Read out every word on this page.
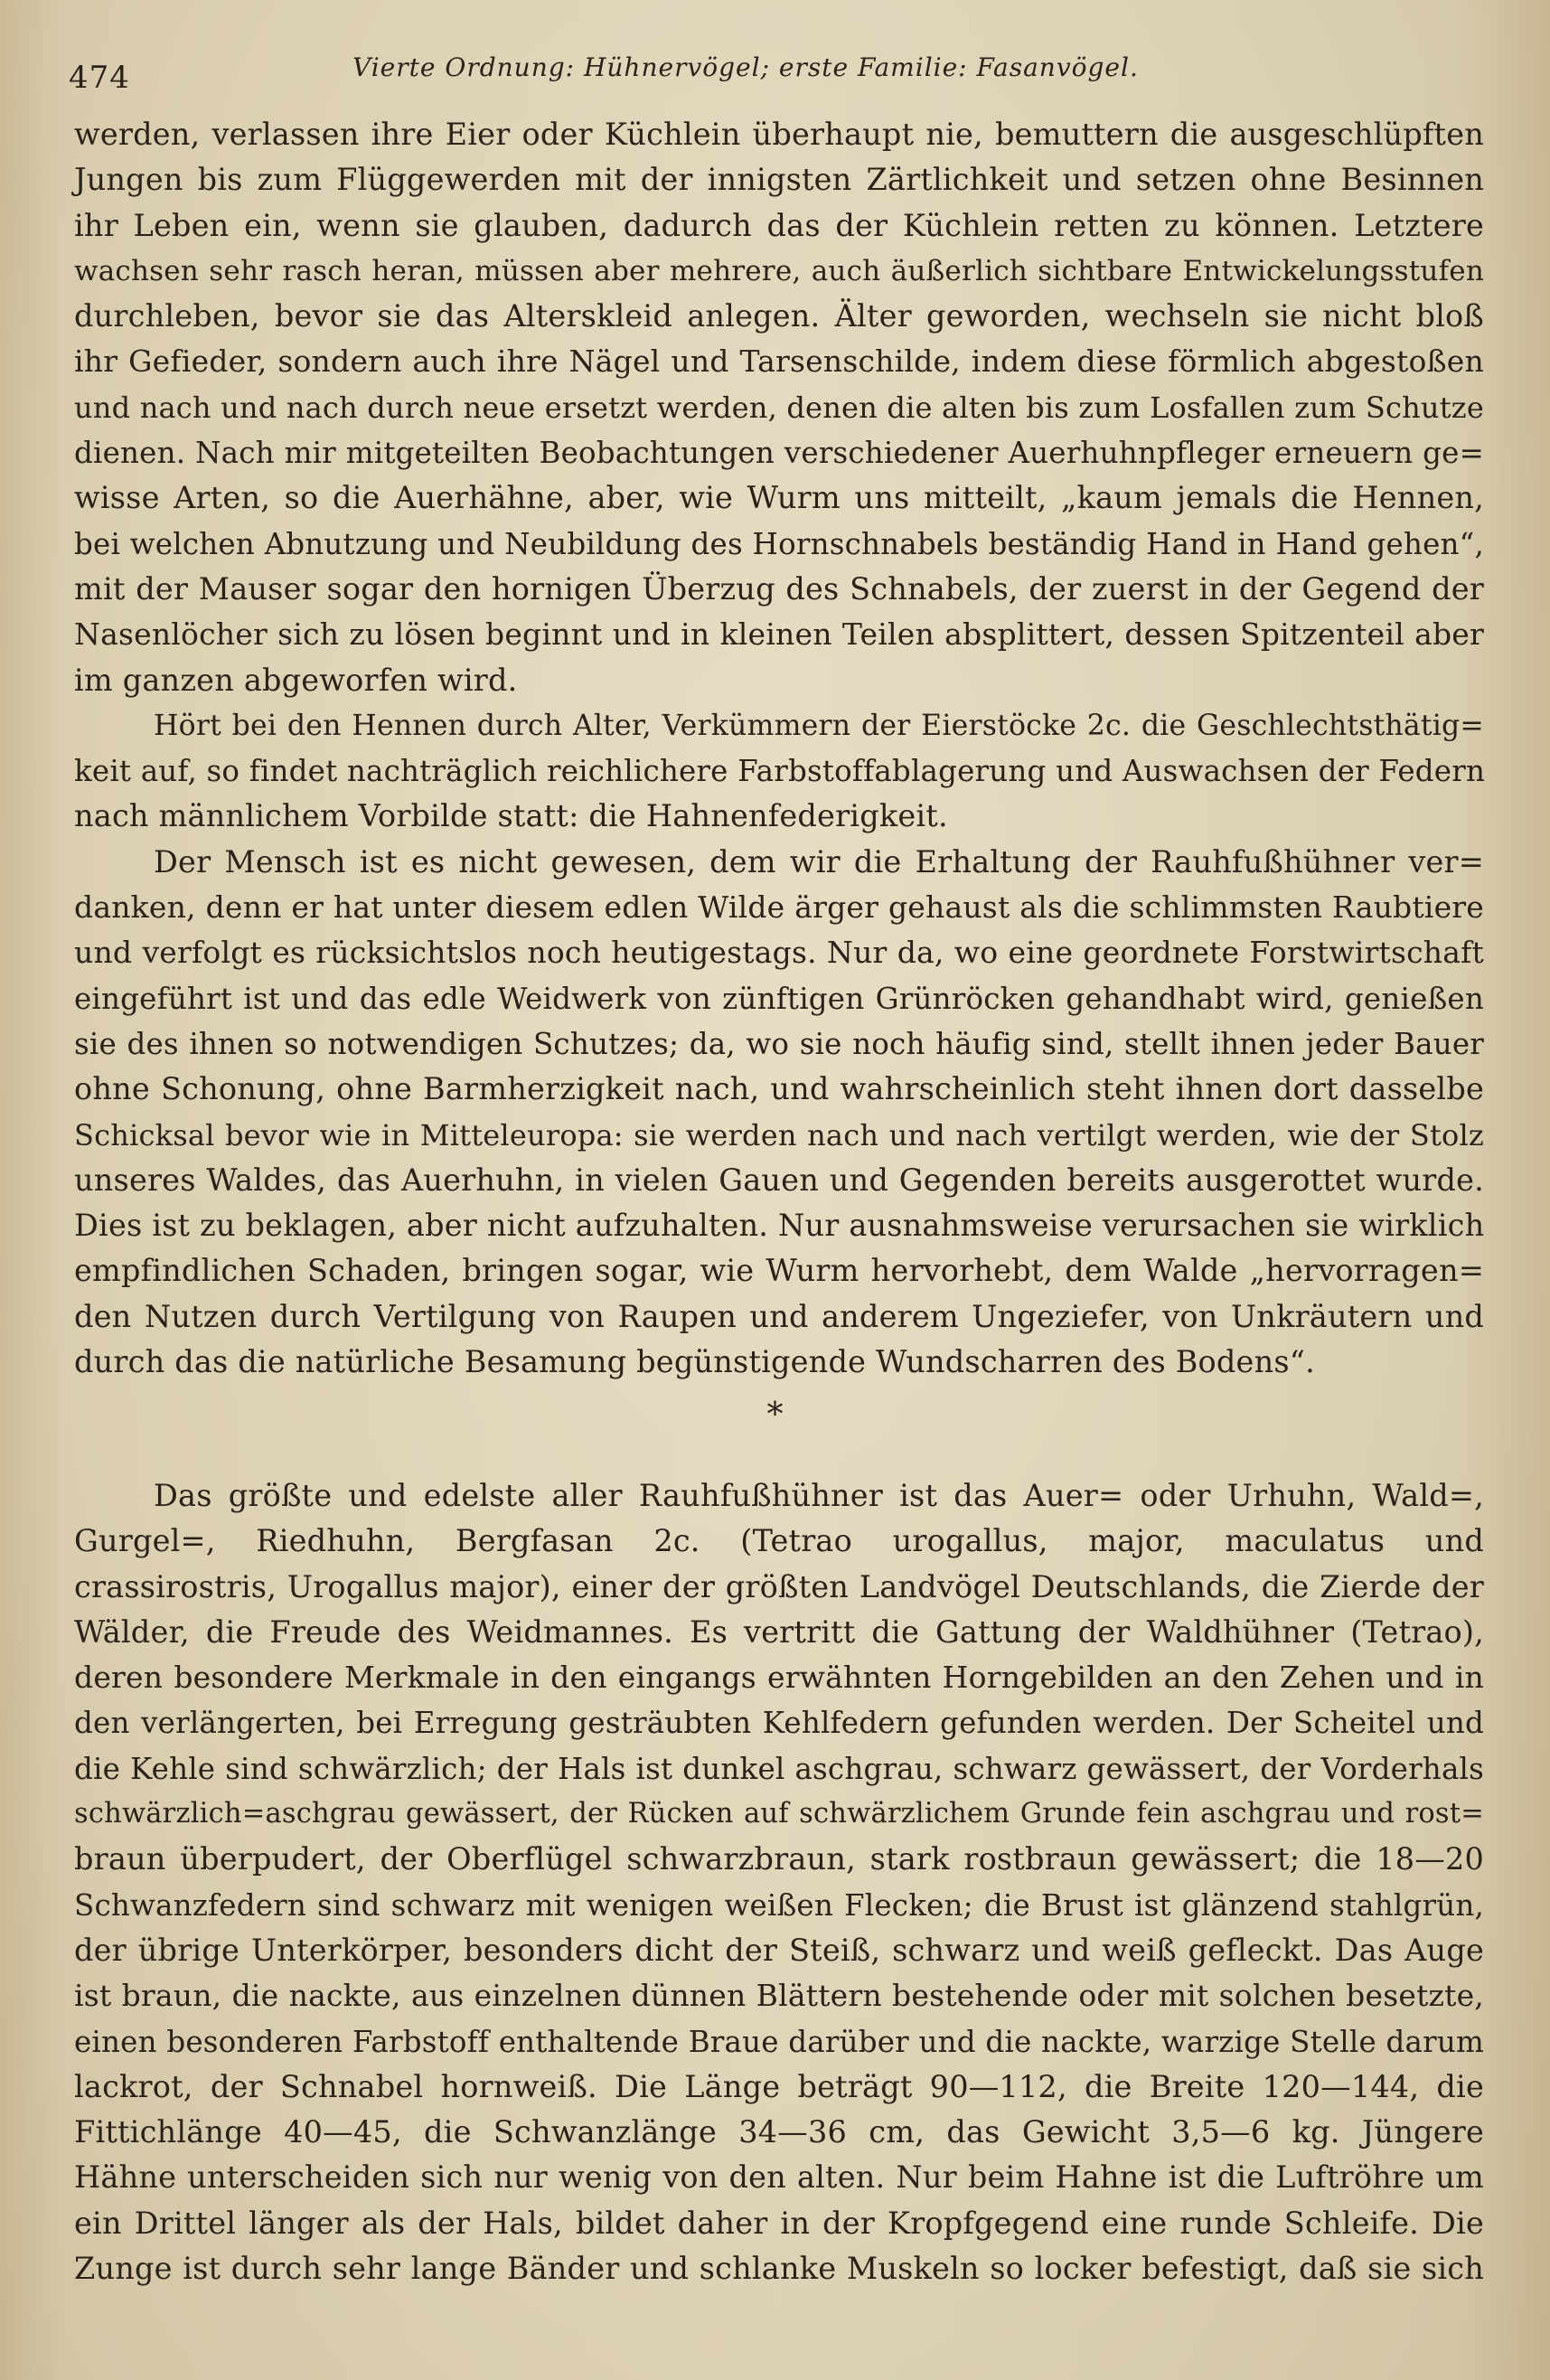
474	Vierte Ordnung: Hühnervögel; erste Familie: Fasanvögel.
werden, verlassen ihre Eier oder Küchlein überhaupt nie, bemuttern die ausgeschlüpften
Jungen bis zum Flüggewerden mit der innigsten Zärtlichkeit und setzen ohne Besinnen
ihr Leben ein, wenn sie glauben, dadurch das der Küchlein retten zu können. Letztere
wachsen sehr rasch heran, müssen aber mehrere, auch äußerlich sichtbare Entwickelungsstufen
durchleben, bevor sie das Alterskleid anlegen. Älter geworden, wechseln sie nicht bloß
ihr Gefieder, sondern auch ihre Nägel und Tarsenschilde, indem diese förmlich abgestoßen
und nach und nach durch neue ersetzt werden, denen die alten bis zum Losfallen zum Schutze
dienen. Nach mir mitgeteilten Beobachtungen verschiedener Auerhuhnpfleger erneuern ge=
wisse Arten, so die Auerhähne, aber, wie Wurm uns mitteilt, „kaum jemals die Hennen,
bei welchen Abnutzung und Neubildung des Hornschnabels beständig Hand in Hand gehen“,
mit der Mauser sogar den hornigen Überzug des Schnabels, der zuerst in der Gegend der
Nasenlöcher sich zu lösen beginnt und in kleinen Teilen absplittert, dessen Spitzenteil aber
im ganzen abgeworfen wird.
Hört bei den Hennen durch Alter, Verkümmern der Eierstöcke 2c. die Geschlechtsthätig=
keit auf, so findet nachträglich reichlichere Farbstoffablagerung und Auswachsen der Federn
nach männlichem Vorbilde statt: die Hahnenfederigkeit.
Der Mensch ist es nicht gewesen, dem wir die Erhaltung der Rauhfußhühner ver=
danken, denn er hat unter diesem edlen Wilde ärger gehaust als die schlimmsten Raubtiere
und verfolgt es rücksichtslos noch heutigestags. Nur da, wo eine geordnete Forstwirtschaft
eingeführt ist und das edle Weidwerk von zünftigen Grünröcken gehandhabt wird, genießen
sie des ihnen so notwendigen Schutzes; da, wo sie noch häufig sind, stellt ihnen jeder Bauer
ohne Schonung, ohne Barmherzigkeit nach, und wahrscheinlich steht ihnen dort dasselbe
Schicksal bevor wie in Mitteleuropa: sie werden nach und nach vertilgt werden, wie der Stolz
unseres Waldes, das Auerhuhn, in vielen Gauen und Gegenden bereits ausgerottet wurde.
Dies ist zu beklagen, aber nicht aufzuhalten. Nur ausnahmsweise verursachen sie wirklich
empfindlichen Schaden, bringen sogar, wie Wurm hervorhebt, dem Walde „hervorragen=
den Nutzen durch Vertilgung von Raupen und anderem Ungeziefer, von Unkräutern und
durch das die natürliche Besamung begünstigende Wundscharren des Bodens“.
*
Das größte und edelste aller Rauhfußhühner ist das Auer= oder Urhuhn, Wald=,
Gurgel=, Riedhuhn, Bergfasan 2c. (Tetrao urogallus, major, maculatus und
crassirostris, Urogallus major), einer der größten Landvögel Deutschlands, die Zierde der
Wälder, die Freude des Weidmannes. Es vertritt die Gattung der Waldhühner (Tetrao),
deren besondere Merkmale in den eingangs erwähnten Horngebilden an den Zehen und in
den verlängerten, bei Erregung gesträubten Kehlfedern gefunden werden. Der Scheitel und
die Kehle sind schwärzlich; der Hals ist dunkel aschgrau, schwarz gewässert, der Vorderhals
schwärzlich=aschgrau gewässert, der Rücken auf schwärzlichem Grunde fein aschgrau und rost=
braun überpudert, der Oberflügel schwarzbraun, stark rostbraun gewässert; die 18—20
Schwanzfedern sind schwarz mit wenigen weißen Flecken; die Brust ist glänzend stahlgrün,
der übrige Unterkörper, besonders dicht der Steiß, schwarz und weiß gefleckt. Das Auge
ist braun, die nackte, aus einzelnen dünnen Blättern bestehende oder mit solchen besetzte,
einen besonderen Farbstoff enthaltende Braue darüber und die nackte, warzige Stelle darum
lackrot, der Schnabel hornweiß. Die Länge beträgt 90—112, die Breite 120—144, die
Fittichlänge 40—45, die Schwanzlänge 34—36 cm, das Gewicht 3,5—6 kg. Jüngere
Hähne unterscheiden sich nur wenig von den alten. Nur beim Hahne ist die Luftröhre um
ein Drittel länger als der Hals, bildet daher in der Kropfgegend eine runde Schleife. Die
Zunge ist durch sehr lange Bänder und schlanke Muskeln so locker befestigt, daß sie sich
